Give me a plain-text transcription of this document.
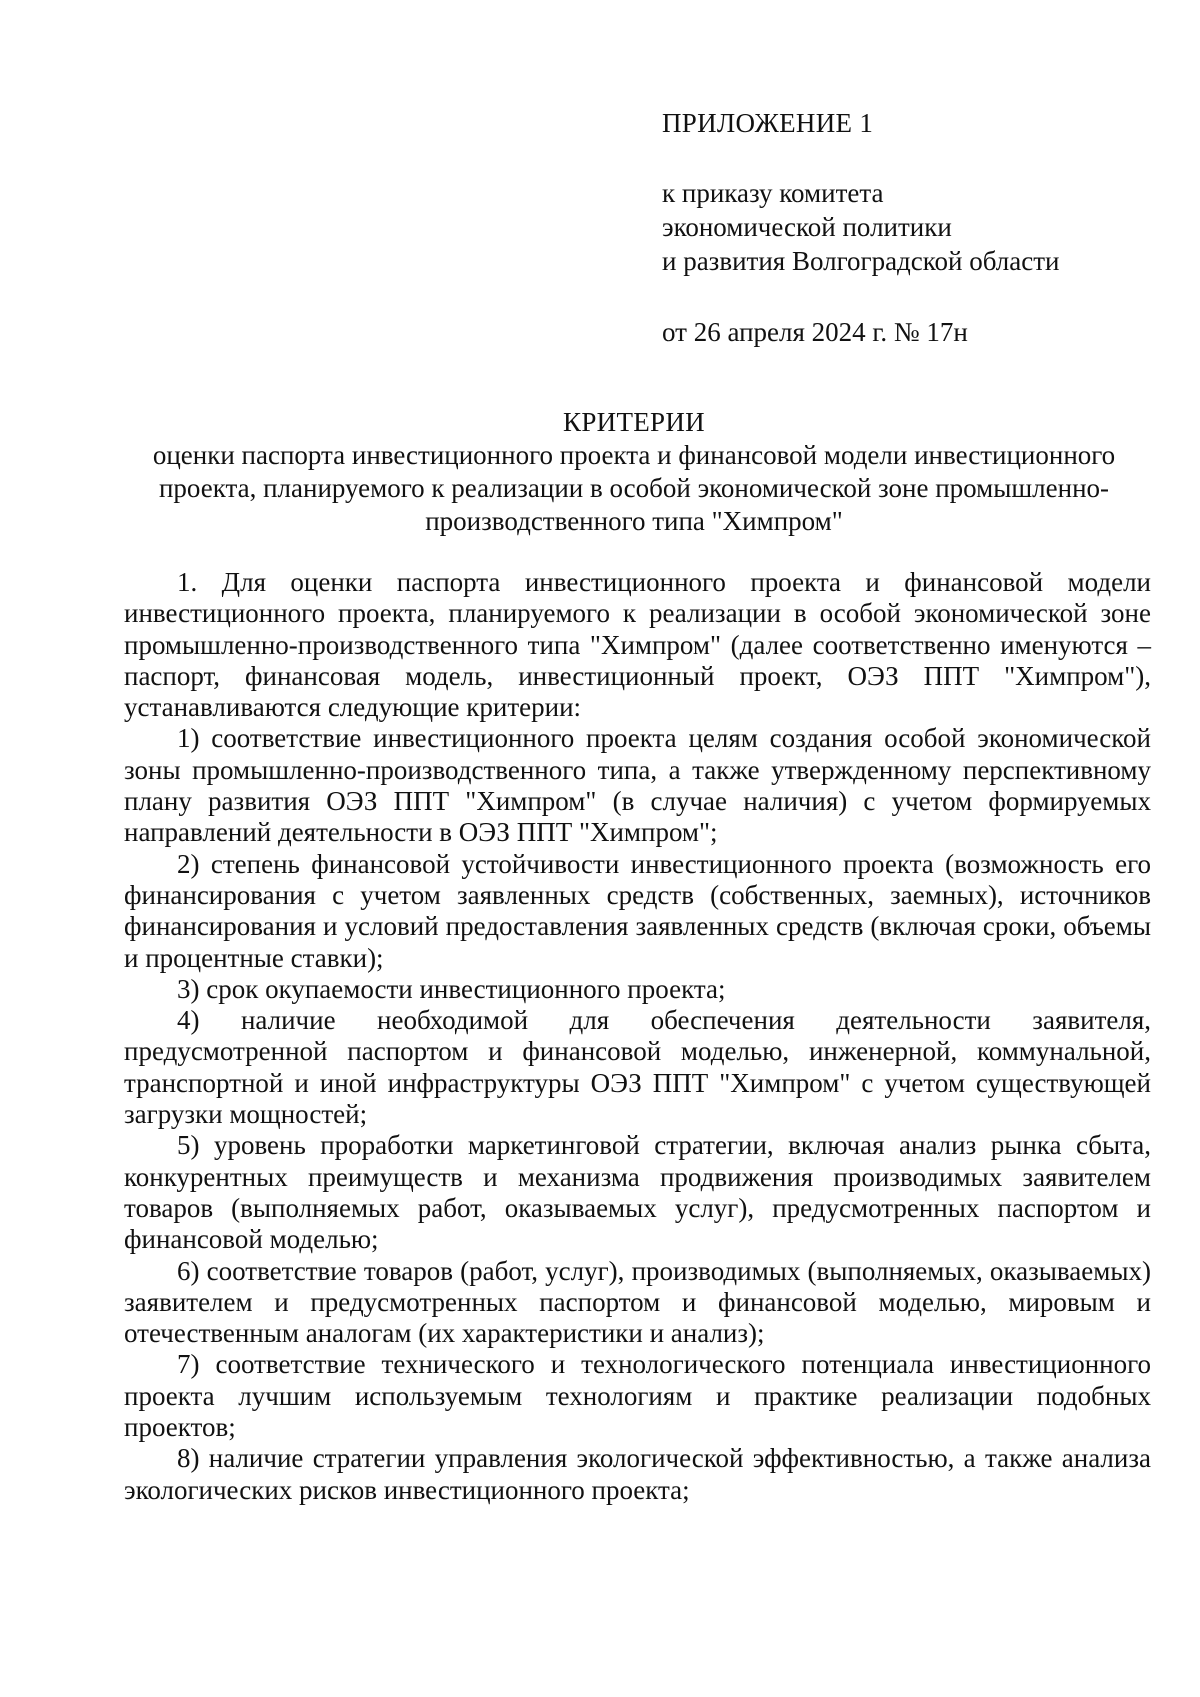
ПРИЛОЖЕНИЕ 1
к приказу комитета
экономической политики
и развития Волгоградской области
от 26 апреля 2024 г. № 17н
КРИТЕРИИ
оценки паспорта инвестиционного проекта и финансовой модели инвестиционного
проекта, планируемого к реализации в особой экономической зоне промышленно-
производственного типа "Химпром"

1. Для оценки паспорта инвестиционного проекта и финансовой модели инвестиционного проекта, планируемого к реализации в особой экономической зоне промышленно-производственного типа "Химпром" (далее соответственно именуются – паспорт, финансовая модель, инвестиционный проект, ОЭЗ ППТ "Химпром"), устанавливаются следующие критерии:

1) соответствие инвестиционного проекта целям создания особой экономической зоны промышленно-производственного типа, а также утвержденному перспективному плану развития ОЭЗ ППТ "Химпром" (в случае наличия) с учетом формируемых направлений деятельности в ОЭЗ ППТ "Химпром";

2) степень финансовой устойчивости инвестиционного проекта (возможность его финансирования с учетом заявленных средств (собственных, заемных), источников финансирования и условий предоставления заявленных средств (включая сроки, объемы и процентные ставки);

3) срок окупаемости инвестиционного проекта;

4) наличие необходимой для обеспечения деятельности заявителя, предусмотренной паспортом и финансовой моделью, инженерной, коммунальной, транспортной и иной инфраструктуры ОЭЗ ППТ "Химпром" с учетом существующей загрузки мощностей;

5) уровень проработки маркетинговой стратегии, включая анализ рынка сбыта, конкурентных преимуществ и механизма продвижения производимых заявителем товаров (выполняемых работ, оказываемых услуг), предусмотренных паспортом и финансовой моделью;

6) соответствие товаров (работ, услуг), производимых (выполняемых, оказываемых) заявителем и предусмотренных паспортом и финансовой моделью, мировым и отечественным аналогам (их характеристики и анализ);

7) соответствие технического и технологического потенциала инвестиционного проекта лучшим используемым технологиям и практике реализации подобных проектов;

8) наличие стратегии управления экологической эффективностью, а также анализа экологических рисков инвестиционного проекта;
